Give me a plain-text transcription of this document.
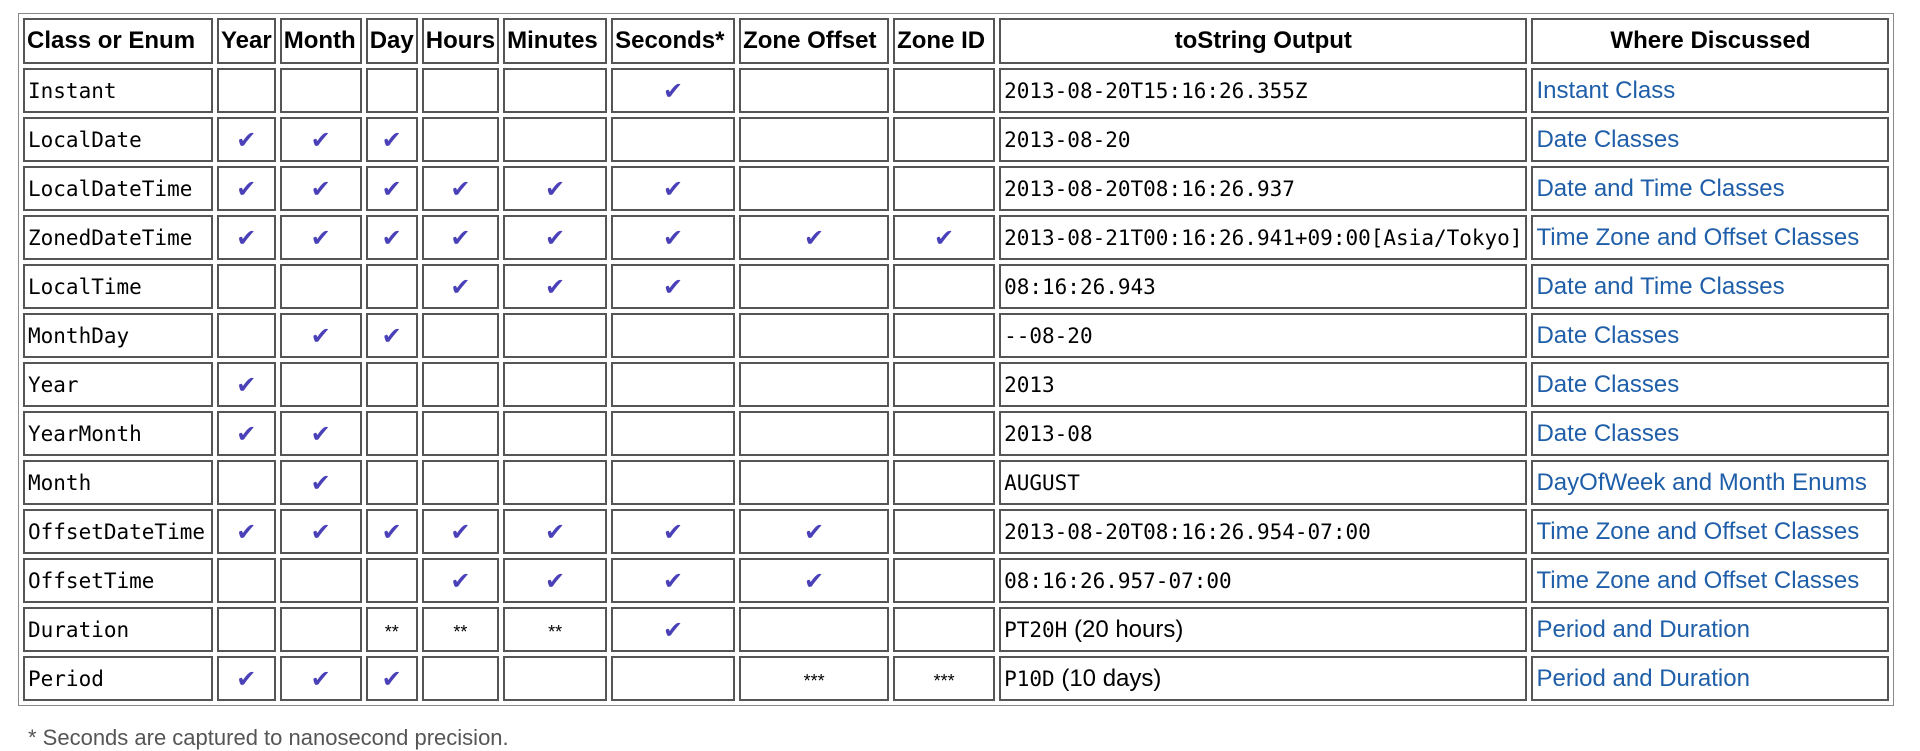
Class or Enum	Year	Month	Day	Hours	Minutes	Seconds*	Zone Offset	Zone ID	toString Output	Where Discussed
Instant						✔			2013-08-20T15:16:26.355Z	Instant Class
LocalDate	✔	✔	✔						2013-08-20	Date Classes
LocalDateTime	✔	✔	✔	✔	✔	✔			2013-08-20T08:16:26.937	Date and Time Classes
ZonedDateTime	✔	✔	✔	✔	✔	✔	✔	✔	2013-08-21T00:16:26.941+09:00[Asia/Tokyo]	Time Zone and Offset Classes
LocalTime				✔	✔	✔			08:16:26.943	Date and Time Classes
MonthDay		✔	✔						--08-20	Date Classes
Year	✔								2013	Date Classes
YearMonth	✔	✔							2013-08	Date Classes
Month		✔							AUGUST	DayOfWeek and Month Enums
OffsetDateTime	✔	✔	✔	✔	✔	✔	✔		2013-08-20T08:16:26.954-07:00	Time Zone and Offset Classes
OffsetTime				✔	✔	✔	✔		08:16:26.957-07:00	Time Zone and Offset Classes
Duration			**	**	**	✔			PT20H (20 hours)	Period and Duration
Period	✔	✔	✔				***	***	P10D (10 days)	Period and Duration
* Seconds are captured to nanosecond precision.
